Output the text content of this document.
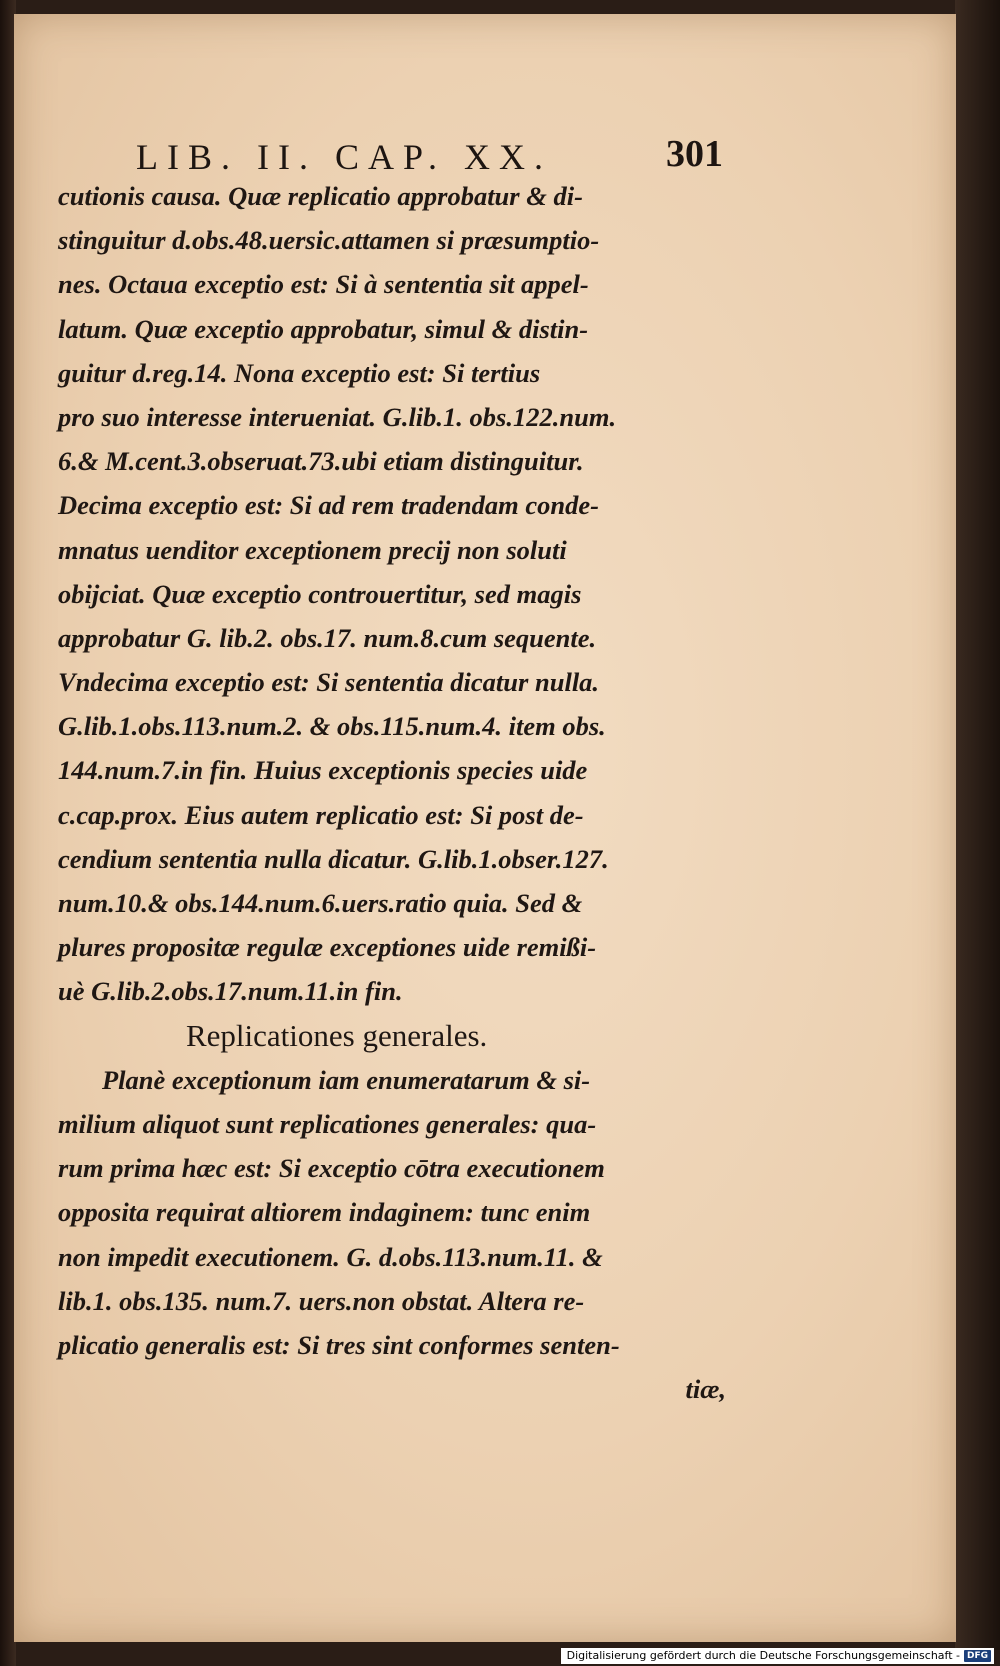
LIB. II. CAP. XX.	301
cutionis causa. Quæ replicatio approbatur & di-
stinguitur d.obs.48.uersic.attamen si præsumptio-
nes. Octaua exceptio est: Si à sententia sit appel-
latum. Quæ exceptio approbatur, simul & distin-
guitur d.reg.14. Nona exceptio est: Si tertius
pro suo interesse interueniat. G.lib.1. obs.122.num.
6.& M.cent.3.obseruat.73.ubi etiam distinguitur.
Decima exceptio est: Si ad rem tradendam conde-
mnatus uenditor exceptionem precij non soluti
obijciat. Quæ exceptio controuertitur, sed magis
approbatur G. lib.2. obs.17. num.8.cum sequente.
Vndecima exceptio est: Si sententia dicatur nulla.
G.lib.1.obs.113.num.2. & obs.115.num.4. item obs.
144.num.7.in fin. Huius exceptionis species uide
c.cap.prox. Eius autem replicatio est: Si post de-
cendium sententia nulla dicatur. G.lib.1.obser.127.
num.10.& obs.144.num.6.uers.ratio quia. Sed &
plures propositæ regulæ exceptiones uide remißi-
uè G.lib.2.obs.17.num.11.in fin.
Replicationes generales.
Planè exceptionum iam enumeratarum & si-
milium aliquot sunt replicationes generales: qua-
rum prima hæc est: Si exceptio cōtra executionem
opposita requirat altiorem indaginem: tunc enim
non impedit executionem. G. d.obs.113.num.11. &
lib.1. obs.135. num.7. uers.non obstat. Altera re-
plicatio generalis est: Si tres sint conformes senten-
tiæ,
Digitalisierung gefördert durch die Deutsche Forschungsgemeinschaft - DFG
